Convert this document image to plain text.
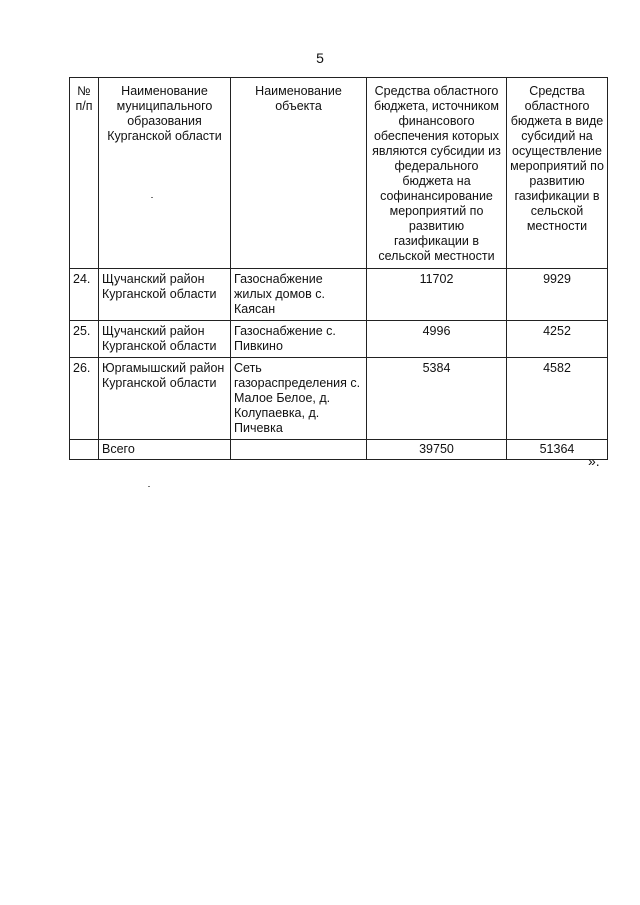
5
№ п/п	Наименование муниципального образования Курганской области	Наименование объекта	Средства областного бюджета, источником финансового обеспечения которых являются субсидии из федерального бюджета на софинансирование мероприятий по развитию газификации в сельской местности	Средства областного бюджета в виде субсидий на осуществление мероприятий по развитию газификации в сельской местности
24.	Щучанский район Курганской области	Газоснабжение жилых домов с. Каясан	11702	9929
25.	Щучанский район Курганской области	Газоснабжение с. Пивкино	4996	4252
26.	Юргамышский район Курганской области	Сеть газораспределения с. Малое Белое, д. Колупаевка, д. Пичевка	5384	4582
	Всего		39750	51364
».
